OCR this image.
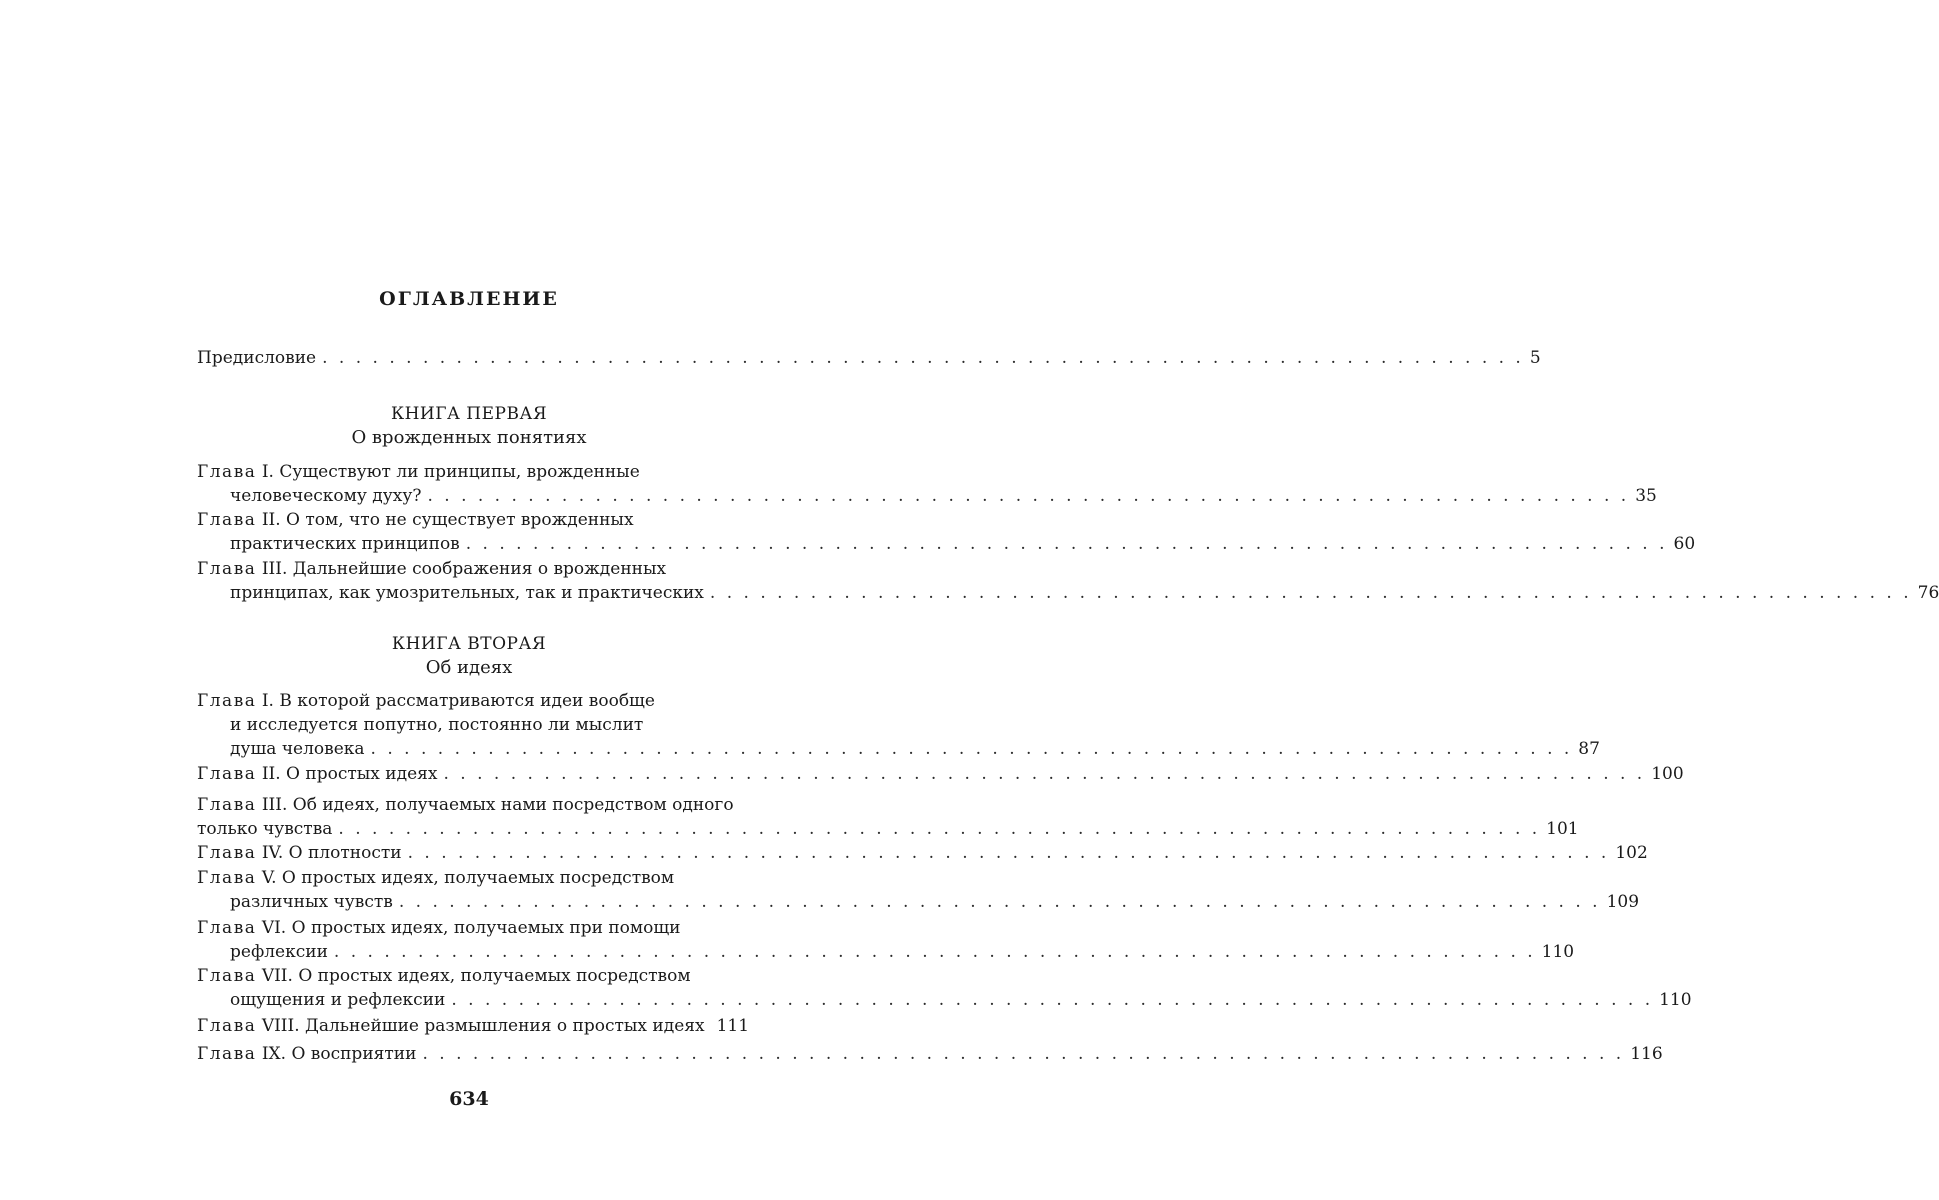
ОГЛАВЛЕНИЕ
Предисловие . . . . . . . . . . . . . . . . . . . . . . . . . . . . . . . . . . . . . . . . . . . . . . . . . . . . . . . . . . . . . . . . . . . . . . . . 5
КНИГА ПЕРВАЯ
О врожденных понятиях
Глава I. Существуют ли принципы, врожденные
человеческому духу? . . . . . . . . . . . . . . . . . . . . . . . . . . . . . . . . . . . . . . . . . . . . . . . . . . . . . . . . . . . . . . . . . . . . . . . . 35
Глава II. О том, что не существует врожденных
практических принципов . . . . . . . . . . . . . . . . . . . . . . . . . . . . . . . . . . . . . . . . . . . . . . . . . . . . . . . . . . . . . . . . . . . . . . . . 60
Глава III. Дальнейшие соображения о врожденных
принципах, как умозрительных, так и практических . . . . . . . . . . . . . . . . . . . . . . . . . . . . . . . . . . . . . . . . . . . . . . . . . . . . . . . . . . . . . . . . . . . . . . . . 76
КНИГА ВТОРАЯ
Об идеях
Глава I. В которой рассматриваются идеи вообще
и исследуется попутно, постоянно ли мыслит
душа человека . . . . . . . . . . . . . . . . . . . . . . . . . . . . . . . . . . . . . . . . . . . . . . . . . . . . . . . . . . . . . . . . . . . . . . . . 87
Глава II. О простых идеях . . . . . . . . . . . . . . . . . . . . . . . . . . . . . . . . . . . . . . . . . . . . . . . . . . . . . . . . . . . . . . . . . . . . . . . . 100
Глава III. Об идеях, получаемых нами посредством одного
только чувства . . . . . . . . . . . . . . . . . . . . . . . . . . . . . . . . . . . . . . . . . . . . . . . . . . . . . . . . . . . . . . . . . . . . . . . . 101
Глава IV. О плотности . . . . . . . . . . . . . . . . . . . . . . . . . . . . . . . . . . . . . . . . . . . . . . . . . . . . . . . . . . . . . . . . . . . . . . . . 102
Глава V. О простых идеях, получаемых посредством
различных чувств . . . . . . . . . . . . . . . . . . . . . . . . . . . . . . . . . . . . . . . . . . . . . . . . . . . . . . . . . . . . . . . . . . . . . . . . 109
Глава VI. О простых идеях, получаемых при помощи
рефлексии . . . . . . . . . . . . . . . . . . . . . . . . . . . . . . . . . . . . . . . . . . . . . . . . . . . . . . . . . . . . . . . . . . . . . . . . 110
Глава VII. О простых идеях, получаемых посредством
ощущения и рефлексии . . . . . . . . . . . . . . . . . . . . . . . . . . . . . . . . . . . . . . . . . . . . . . . . . . . . . . . . . . . . . . . . . . . . . . . . 110
Глава VIII. Дальнейшие размышления о простых идеях 111
Глава IX. О восприятии . . . . . . . . . . . . . . . . . . . . . . . . . . . . . . . . . . . . . . . . . . . . . . . . . . . . . . . . . . . . . . . . . . . . . . . . 116
634
